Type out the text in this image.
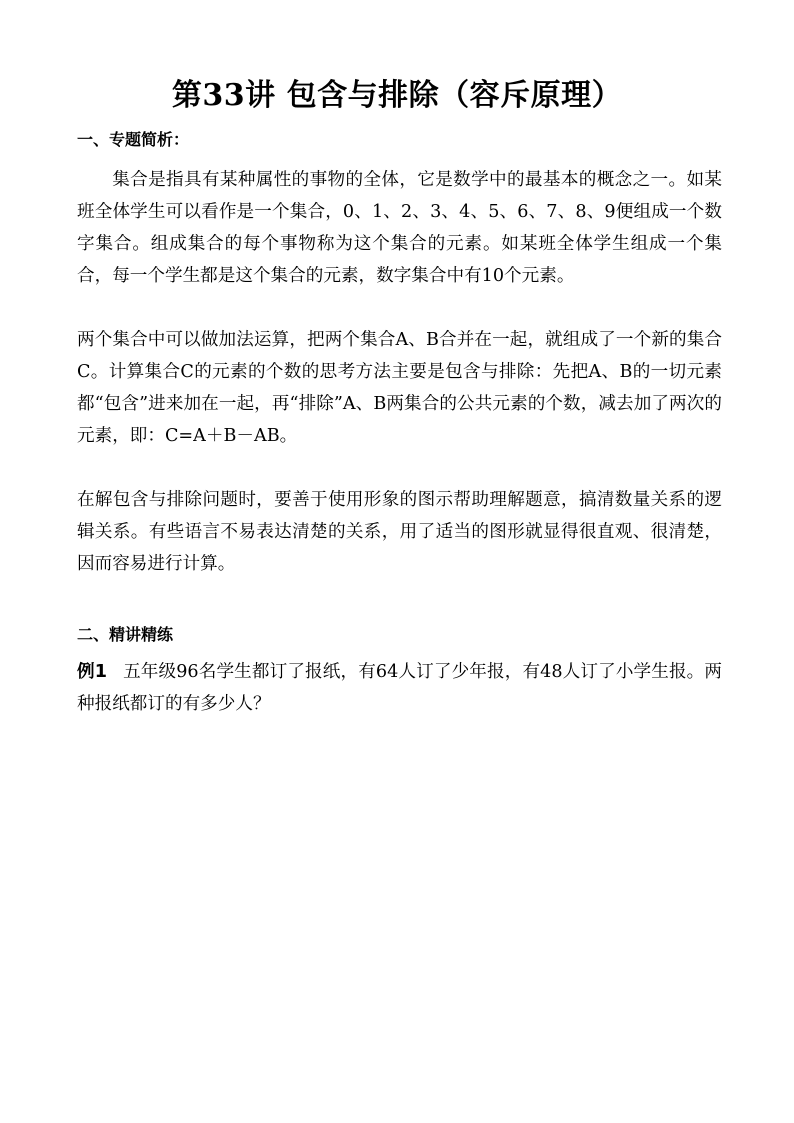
第33讲 包含与排除（容斥原理）
一、专题简析：
集合是指具有某种属性的事物的全体，它是数学中的最基本的概念之一。如某班全体学生可以看作是一个集合，0、1、2、3、4、5、6、7、8、9便组成一个数字集合。组成集合的每个事物称为这个集合的元素。如某班全体学生组成一个集合，每一个学生都是这个集合的元素，数字集合中有10个元素。
两个集合中可以做加法运算，把两个集合A、B合并在一起，就组成了一个新的集合C。计算集合C的元素的个数的思考方法主要是包含与排除：先把A、B的一切元素都“包含”进来加在一起，再“排除”A、B两集合的公共元素的个数，减去加了两次的元素，即：C=A＋B－AB。
在解包含与排除问题时，要善于使用形象的图示帮助理解题意，搞清数量关系的逻辑关系。有些语言不易表达清楚的关系，用了适当的图形就显得很直观、很清楚，因而容易进行计算。
二、精讲精练
例1 五年级96名学生都订了报纸，有64人订了少年报，有48人订了小学生报。两种报纸都订的有多少人？
